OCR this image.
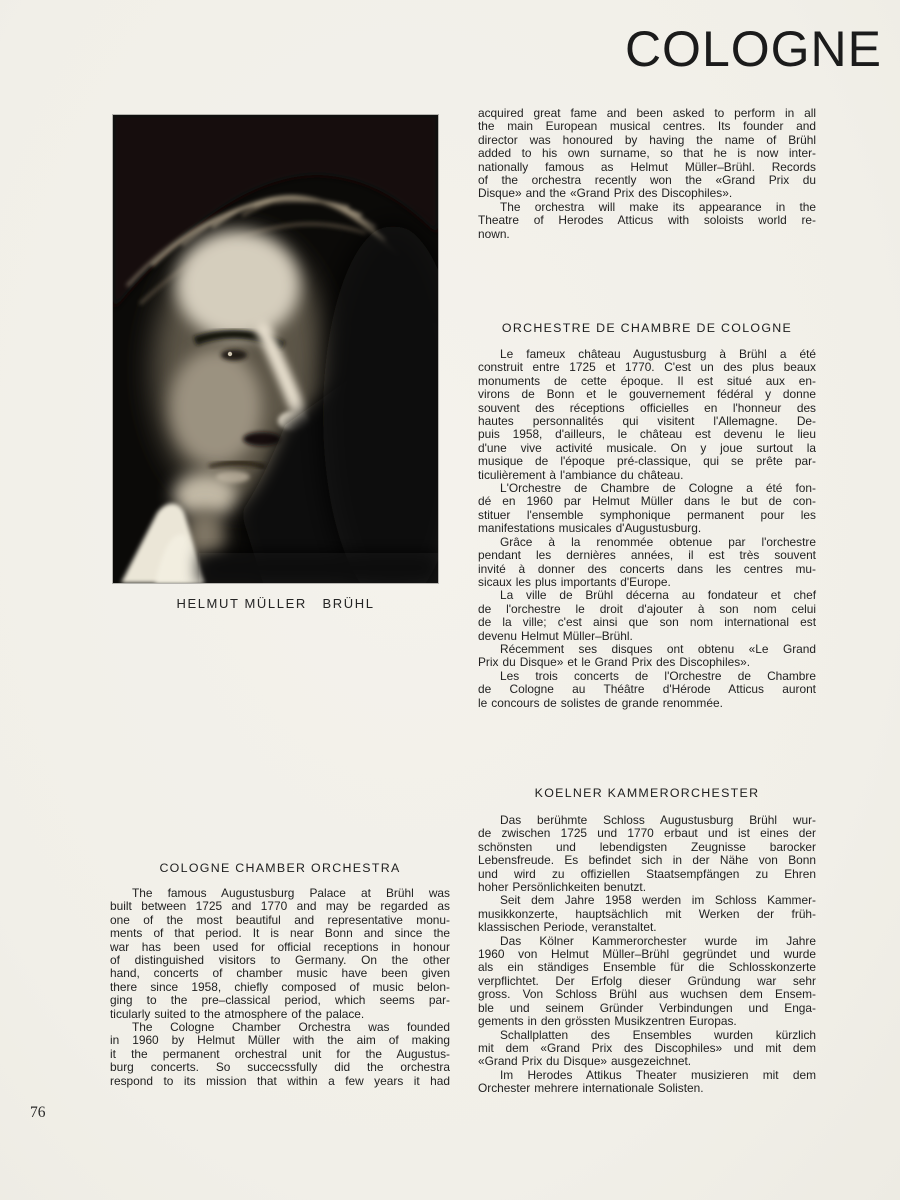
COLOGNE
HELMUT MÜLLER   BRÜHL
ORCHESTRE DE CHAMBRE DE COLOGNE
KOELNER KAMMERORCHESTER
COLOGNE CHAMBER ORCHESTRA
acquired great fame and been asked to perform in all
the main European musical centres. Its founder and
director was honoured by having the name of Brühl
added to his own surname, so that he is now inter-
nationally famous as Helmut Müller–Brühl. Records
of the orchestra recently won the «Grand Prix du
Disque» and the «Grand Prix des Discophiles».
The orchestra will make its appearance in the
Theatre of Herodes Atticus with soloists world re-
nown.
Le fameux château Augustusburg à Brühl a été
construit entre 1725 et 1770. C'est un des plus beaux
monuments de cette époque. Il est situé aux en-
virons de Bonn et le gouvernement fédéral y donne
souvent des réceptions officielles en l'honneur des
hautes personnalités qui visitent l'Allemagne. De-
puis 1958, d'ailleurs, le château est devenu le lieu
d'une vive activité musicale. On y joue surtout la
musique de l'époque pré-classique, qui se prête par-
ticulièrement à l'ambiance du château.
L'Orchestre de Chambre de Cologne a été fon-
dé en 1960 par Helmut Müller dans le but de con-
stituer l'ensemble symphonique permanent pour les
manifestations musicales d'Augustusburg.
Grâce à la renommée obtenue par l'orchestre
pendant les dernières années, il est très souvent
invité à donner des concerts dans les centres mu-
sicaux les plus importants d'Europe.
La ville de Brühl décerna au fondateur et chef
de l'orchestre le droit d'ajouter à son nom celui
de la ville; c'est ainsi que son nom international est
devenu Helmut Müller–Brühl.
Récemment ses disques ont obtenu «Le Grand
Prix du Disque» et le Grand Prix des Discophiles».
Les trois concerts de l'Orchestre de Chambre
de Cologne au Théâtre d'Hérode Atticus auront
le concours de solistes de grande renommée.
Das berühmte Schloss Augustusburg Brühl wur-
de zwischen 1725 und 1770 erbaut und ist eines der
schönsten und lebendigsten Zeugnisse barocker
Lebensfreude. Es befindet sich in der Nähe von Bonn
und wird zu offiziellen Staatsempfängen zu Ehren
hoher Persönlichkeiten benutzt.
Seit dem Jahre 1958 werden im Schloss Kammer-
musikkonzerte, hauptsächlich mit Werken der früh-
klassischen Periode, veranstaltet.
Das Kölner Kammerorchester wurde im Jahre
1960 von Helmut Müller–Brühl gegründet und wurde
als ein ständiges Ensemble für die Schlosskonzerte
verpflichtet. Der Erfolg dieser Gründung war sehr
gross. Von Schloss Brühl aus wuchsen dem Ensem-
ble und seinem Gründer Verbindungen und Enga-
gements in den grössten Musikzentren Europas.
Schallplatten des Ensembles wurden kürzlich
mit dem «Grand Prix des Discophiles» und mit dem
«Grand Prix du Disque» ausgezeichnet.
Im Herodes Attikus Theater musizieren mit dem
Orchester mehrere internationale Solisten.
The famous Augustusburg Palace at Brühl was
built between 1725 and 1770 and may be regarded as
one of the most beautiful and representative monu-
ments of that period. It is near Bonn and since the
war has been used for official receptions in honour
of distinguished visitors to Germany. On the other
hand, concerts of chamber music have been given
there since 1958, chiefly composed of music belon-
ging to the pre–classical period, which seems par-
ticularly suited to the atmosphere of the palace.
The Cologne Chamber Orchestra was founded
in 1960 by Helmut Müller with the aim of making
it the permanent orchestral unit for the Augustus-
burg concerts. So succecssfully did the orchestra
respond to its mission that within a few years it had
76
